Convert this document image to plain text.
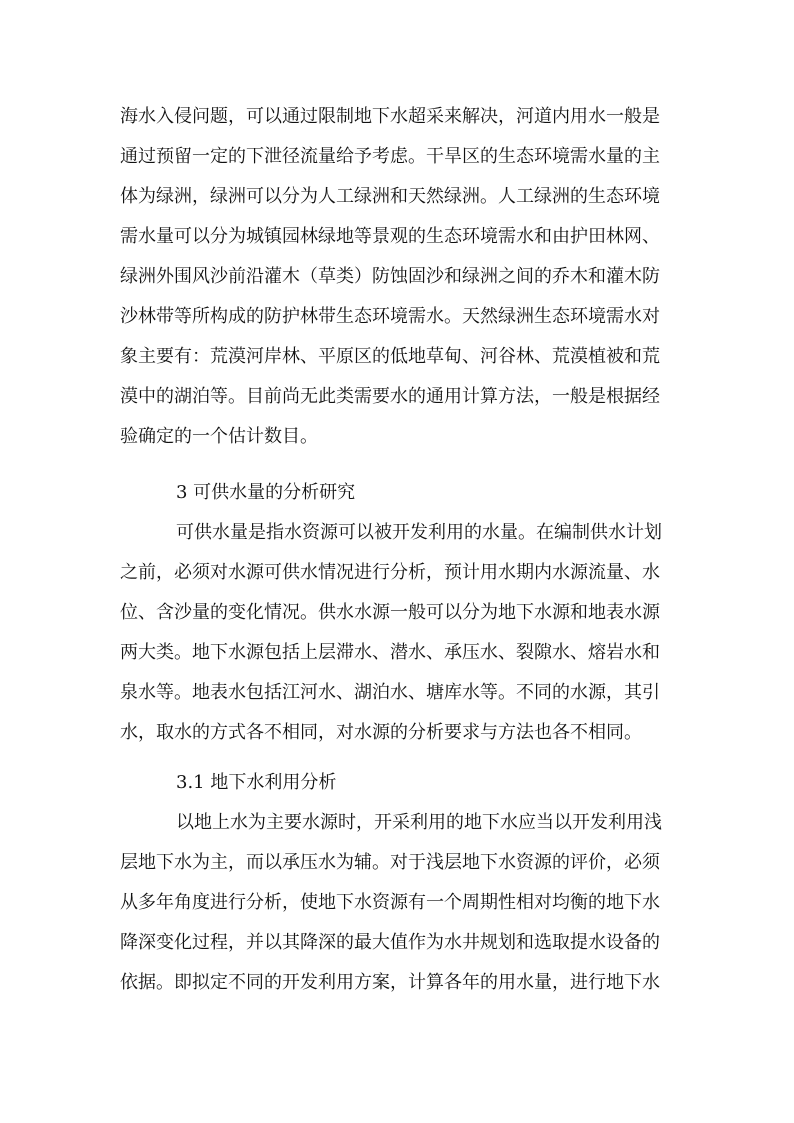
海水入侵问题，可以通过限制地下水超采来解决，河道内用水一般是
通过预留一定的下泄径流量给予考虑。干旱区的生态环境需水量的主
体为绿洲，绿洲可以分为人工绿洲和天然绿洲。人工绿洲的生态环境
需水量可以分为城镇园林绿地等景观的生态环境需水和由护田林网、
绿洲外围风沙前沿灌木（草类）防蚀固沙和绿洲之间的乔木和灌木防
沙林带等所构成的防护林带生态环境需水。天然绿洲生态环境需水对
象主要有：荒漠河岸林、平原区的低地草甸、河谷林、荒漠植被和荒
漠中的湖泊等。目前尚无此类需要水的通用计算方法，一般是根据经
验确定的一个估计数目。
3 可供水量的分析研究
可供水量是指水资源可以被开发利用的水量。在编制供水计划
之前，必须对水源可供水情况进行分析，预计用水期内水源流量、水
位、含沙量的变化情况。供水水源一般可以分为地下水源和地表水源
两大类。地下水源包括上层滞水、潜水、承压水、裂隙水、熔岩水和
泉水等。地表水包括江河水、湖泊水、塘库水等。不同的水源，其引
水，取水的方式各不相同，对水源的分析要求与方法也各不相同。
3.1 地下水利用分析
以地上水为主要水源时，开采利用的地下水应当以开发利用浅
层地下水为主，而以承压水为辅。对于浅层地下水资源的评价，必须
从多年角度进行分析，使地下水资源有一个周期性相对均衡的地下水
降深变化过程，并以其降深的最大值作为水井规划和选取提水设备的
依据。即拟定不同的开发利用方案，计算各年的用水量，进行地下水
